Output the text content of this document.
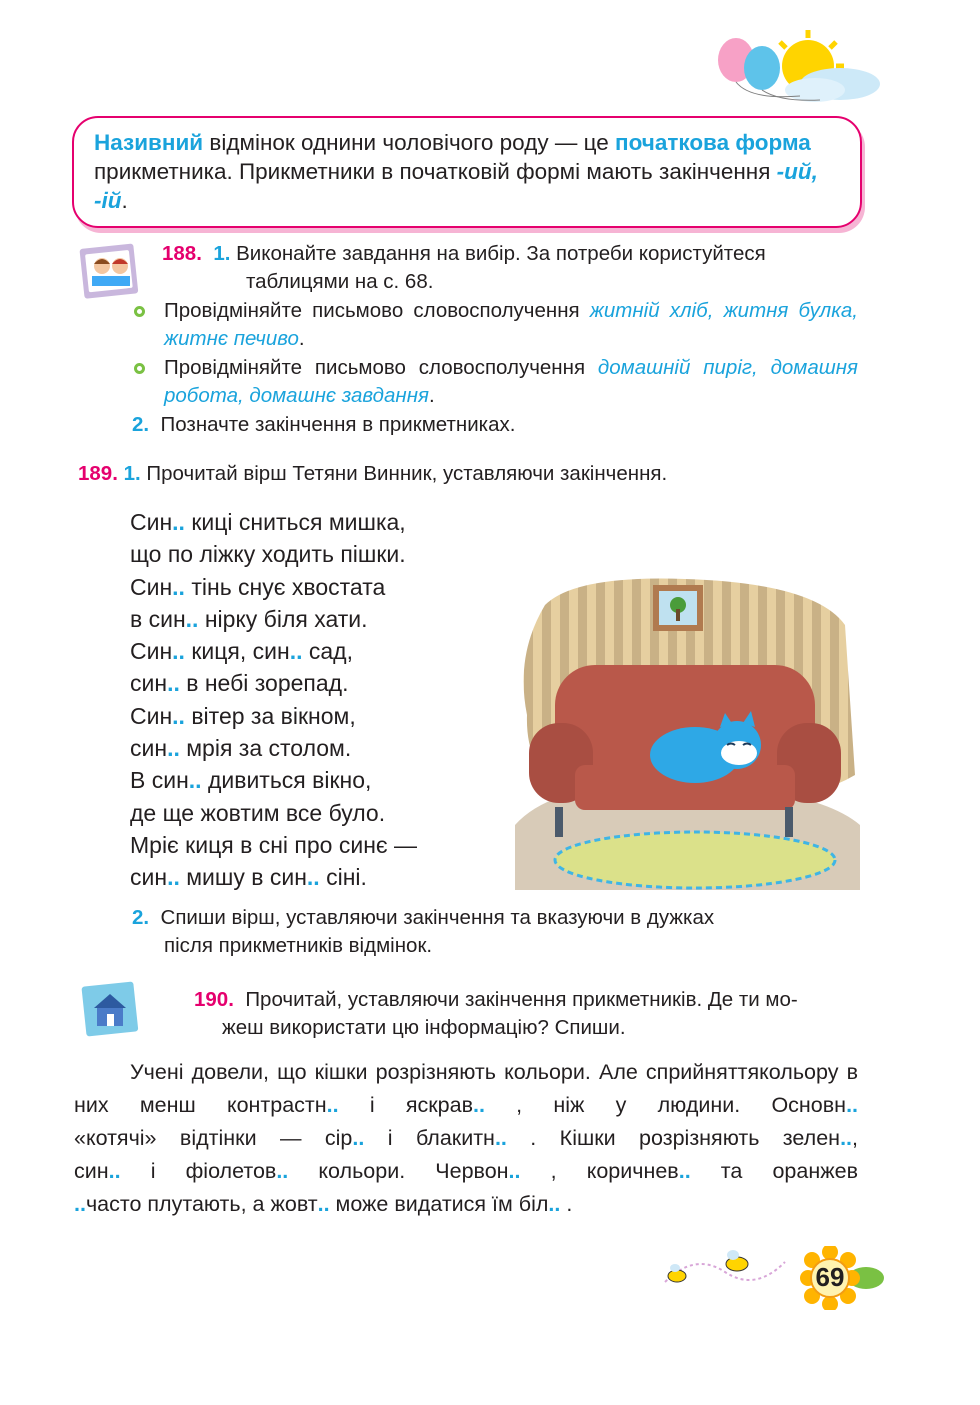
Називний відмінок однини чоловічого роду — це початкова форма прикметника. Прикметники в початковій формі мають закінчення -ий, -ій.
188. 1. Виконайте завдання на вибір. За потреби користуйтеся
таблицями на с. 68.
Провідміняйте письмово словосполучення житній хліб, житня булка, житнє печиво.
Провідміняйте письмово словосполучення домашній пиріг, домашня робота, домашнє завдання.
2. Позначте закінчення в прикметниках.
189. 1. Прочитай вірш Тетяни Винник, уставляючи закінчення.
Син.. киці сниться мишка,
що по ліжку ходить пішки.
Син.. тінь снує хвостата
в син.. нірку біля хати.
Син.. киця, син.. сад,
син.. в небі зорепад.
Син.. вітер за вікном,
син.. мрія за столом.
В син.. дивиться вікно,
де ще жовтим все було.
Мріє киця в сні про синє —
син.. мишу в син.. сіні.
2. Спиши вірш, уставляючи закінчення та вказуючи в дужках
після прикметників відмінок.
190. Прочитай, уставляючи закінчення прикметників. Де ти мо-
жеш використати цю інформацію? Спиши.
Учені довели, що кішки розрізняють кольори. Але сприйняттякольору в них менш контрастн.. і яскрав.. , ніж у людини. Основн..
«котячі» відтінки — сір.. і блакитн.. . Кішки розрізняють зелен..,
син.. і фіолетов.. кольори. Червон.. , коричнев.. та оранжев
..часто плутають, а жовт.. може видатися їм біл.. .
69
